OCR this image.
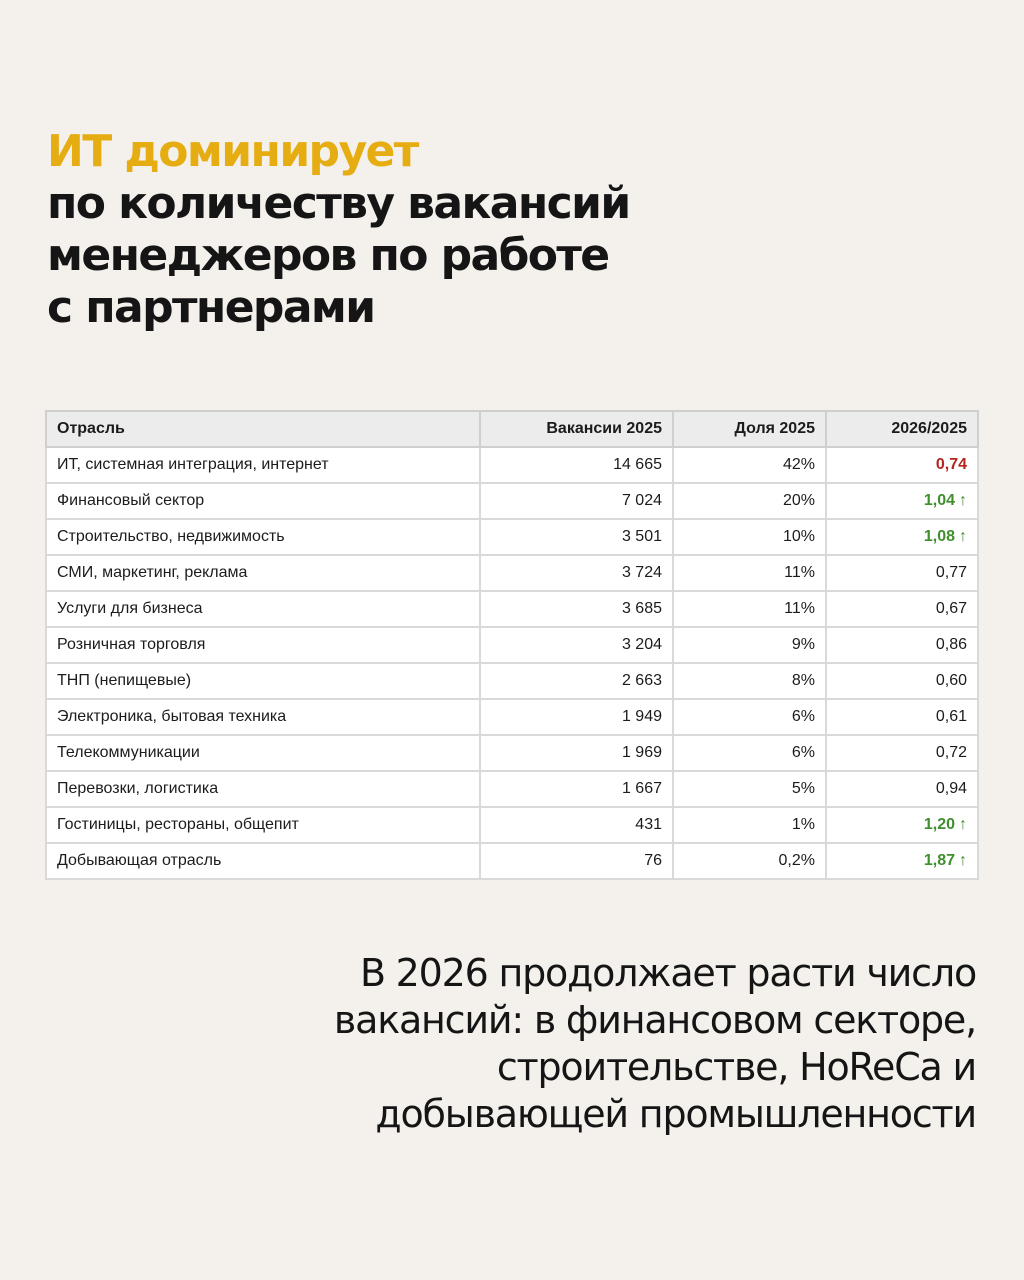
ИТ доминирует
по количеству вакансий
менеджеров по работе
с партнерами
Отрасль	Вакансии 2025	Доля 2025	2026/2025
ИТ, системная интеграция, интернет	14 665	42%	0,74
Финансовый сектор	7 024	20%	1,04 ↑
Строительство, недвижимость	3 501	10%	1,08 ↑
СМИ, маркетинг, реклама	3 724	11%	0,77
Услуги для бизнеса	3 685	11%	0,67
Розничная торговля	3 204	9%	0,86
ТНП (непищевые)	2 663	8%	0,60
Электроника, бытовая техника	1 949	6%	0,61
Телекоммуникации	1 969	6%	0,72
Перевозки, логистика	1 667	5%	0,94
Гостиницы, рестораны, общепит	431	1%	1,20 ↑
Добывающая отрасль	76	0,2%	1,87 ↑

В 2026 продолжает расти число
вакансий: в финансовом секторе,
строительстве, HoReCa и
добывающей промышленности
